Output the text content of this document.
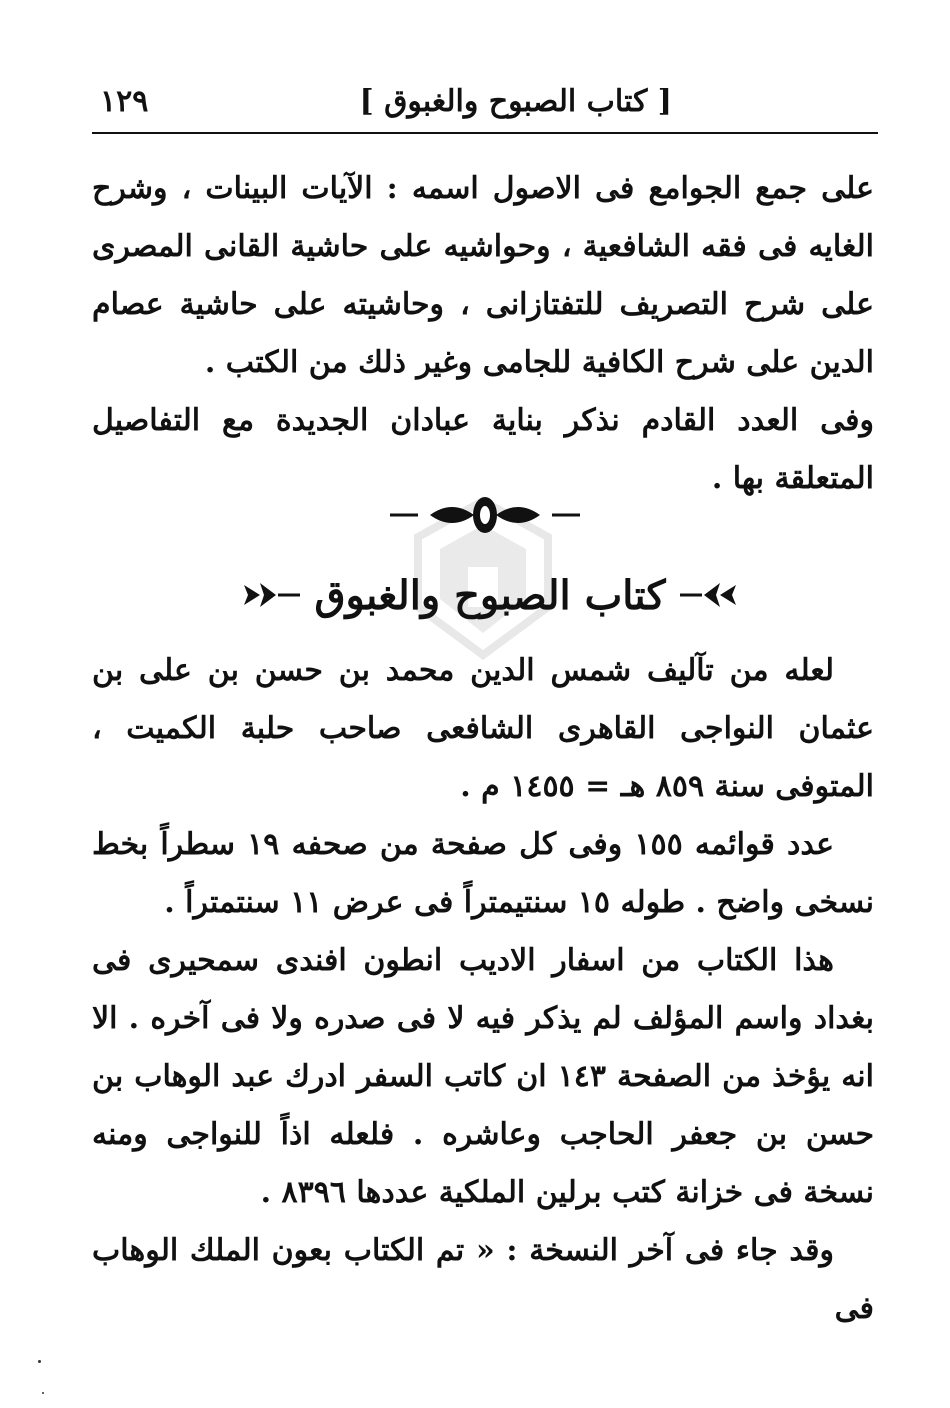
[ كتاب الصبوح والغبوق ]
١٢٩

على جمع الجوامع فى الاصول اسمه : الآيات البينات ، وشرح الغايه فى فقه الشافعية ، وحواشيه على حاشية القانى المصرى على شرح التصريف للتفتازانى ، وحاشيته على حاشية عصام الدين على شرح الكافية للجامى وغير ذلك من الكتب .

وفى العدد القادم نذكر بناية عبادان الجديدة مع التفاصيل المتعلقة بها .

كتاب الصبوح والغبوق

لعله من تآليف شمس الدين محمد بن حسن بن على بن عثمان النواجى القاهرى الشافعى صاحب حلبة الكميت ، المتوفى سنة ٨٥٩ هـ = ١٤٥٥ م .

عدد قوائمه ١٥٥ وفى كل صفحة من صحفه ١٩ سطراً بخط نسخى واضح . طوله ١٥ سنتيمتراً فى عرض ١١ سنتمتراً .

هذا الكتاب من اسفار الاديب انطون افندى سمحيرى فى بغداد واسم المؤلف لم يذكر فيه لا فى صدره ولا فى آخره . الا انه يؤخذ من الصفحة ١٤٣ ان كاتب السفر ادرك عبد الوهاب بن حسن بن جعفر الحاجب وعاشره . فلعله اذاً للنواجى ومنه نسخة فى خزانة كتب برلين الملكية عددها ٨٣٩٦ .

وقد جاء فى آخر النسخة : « تم الكتاب بعون الملك الوهاب فى
